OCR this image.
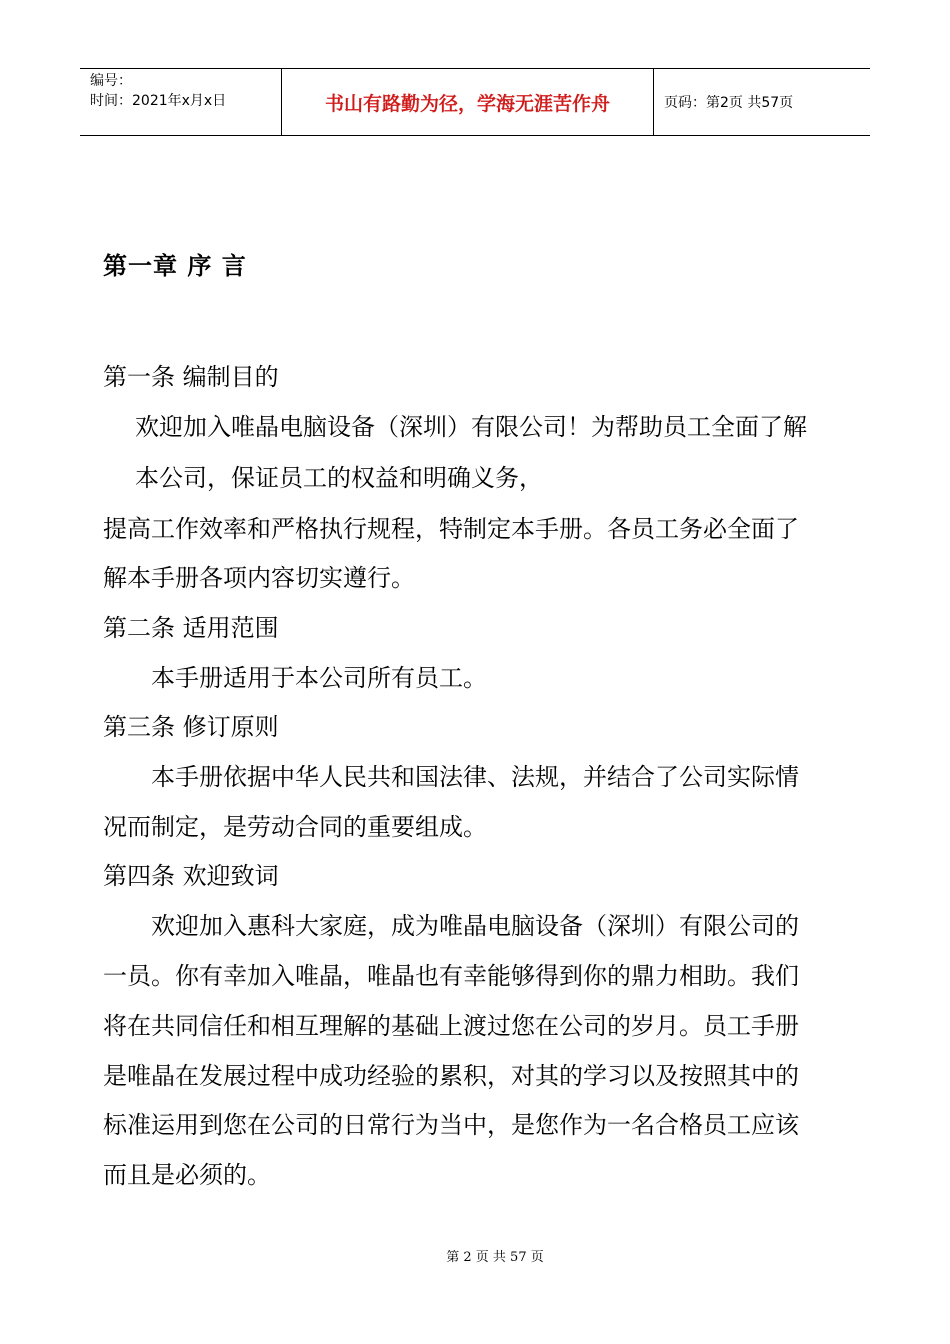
编号：
时间：2021年x月x日	书山有路勤为径，学海无涯苦作舟	页码：第2页 共57页
第一章 序 言
第一条 编制目的
欢迎加入唯晶电脑设备（深圳）有限公司！为帮助员工全面了解
本公司，保证员工的权益和明确义务，
提高工作效率和严格执行规程，特制定本手册。各员工务必全面了
解本手册各项内容切实遵行。
第二条 适用范围
本手册适用于本公司所有员工。
第三条 修订原则
本手册依据中华人民共和国法律、法规，并结合了公司实际情
况而制定，是劳动合同的重要组成。
第四条 欢迎致词
欢迎加入惠科大家庭，成为唯晶电脑设备（深圳）有限公司的
一员。你有幸加入唯晶，唯晶也有幸能够得到你的鼎力相助。我们
将在共同信任和相互理解的基础上渡过您在公司的岁月。员工手册
是唯晶在发展过程中成功经验的累积，对其的学习以及按照其中的
标准运用到您在公司的日常行为当中，是您作为一名合格员工应该
而且是必须的。
第 2 页 共 57 页
